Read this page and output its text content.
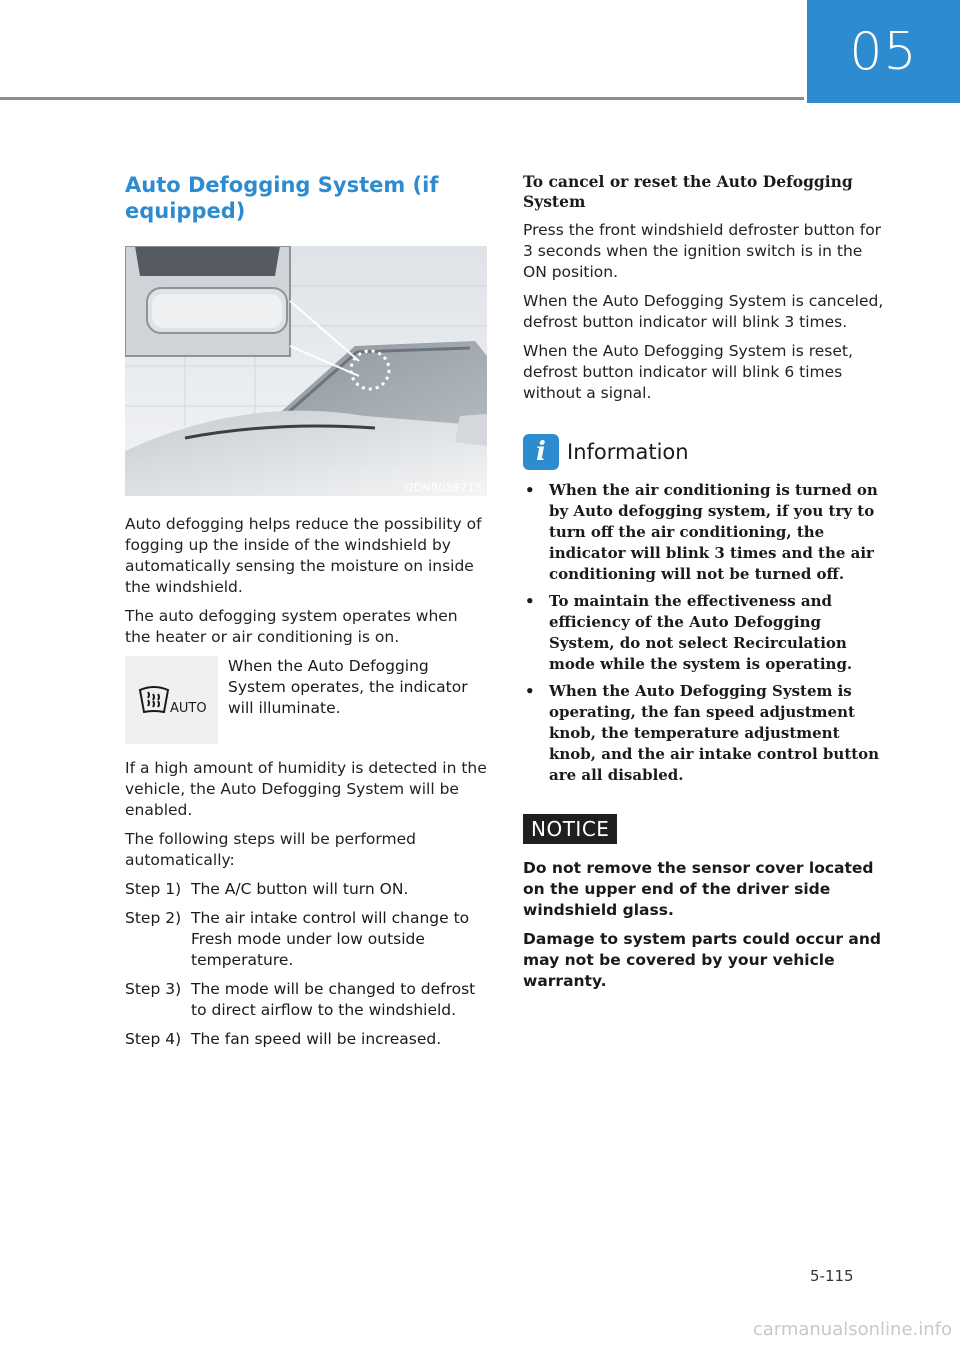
05
Auto Defogging System (if equipped)
ODN8059215

Auto defogging helps reduce the possibility of fogging up the inside of the windshield by automatically sensing the moisture on inside the windshield.

The auto defogging system operates when the heater or air conditioning is on.

AUTO
When the Auto Defogging System operates, the indicator will illuminate.

If a high amount of humidity is detected in the vehicle, the Auto Defogging System will be enabled.

The following steps will be performed automatically:

Step 1) The A/C button will turn ON.
Step 2) The air intake control will change to Fresh mode under low outside temperature.
Step 3) The mode will be changed to defrost to direct airflow to the windshield.
Step 4) The fan speed will be increased.
To cancel or reset the Auto Defogging System

Press the front windshield defroster button for 3 seconds when the ignition switch is in the ON position.

When the Auto Defogging System is canceled, defrost button indicator will blink 3 times.

When the Auto Defogging System is reset, defrost button indicator will blink 6 times without a signal.

i	Information
• When the air conditioning is turned on by Auto defogging system, if you try to turn off the air conditioning, the indicator will blink 3 times and the air conditioning will not be turned off.
• To maintain the effectiveness and efficiency of the Auto Defogging System, do not select Recirculation mode while the system is operating.
• When the Auto Defogging System is operating, the fan speed adjustment knob, the temperature adjustment knob, and the air intake control button are all disabled.
NOTICE

Do not remove the sensor cover located on the upper end of the driver side windshield glass.

Damage to system parts could occur and may not be covered by your vehicle warranty.

5-115
carmanualsonline.info
